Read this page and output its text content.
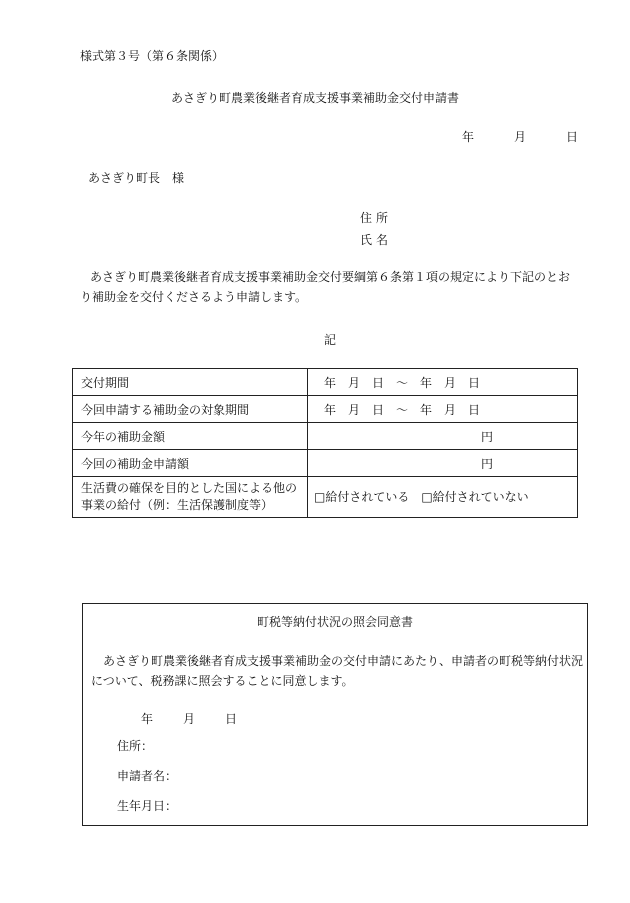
様式第３号（第６条関係）
あさぎり町農業後継者育成支援事業補助金交付申請書
年	月	日
あさぎり町長　様
住所
氏名
あさぎり町農業後継者育成支援事業補助金交付要綱第６条第１項の規定により下記のとおり補助金を交付くださるよう申請します。
記
交付期間	年　月　日　～　年　月　日
今回申請する補助金の対象期間	年　月　日　～　年　月　日
今年の補助金額	円
今回の補助金申請額	円
生活費の確保を目的とした国による他の事業の給付（例：生活保護制度等）	□給付されている　□給付されていない
町税等納付状況の照会同意書
あさぎり町農業後継者育成支援事業補助金の交付申請にあたり、申請者の町税等納付状況について、税務課に照会することに同意します。
年	月	日
住所：
申請者名：
生年月日：
